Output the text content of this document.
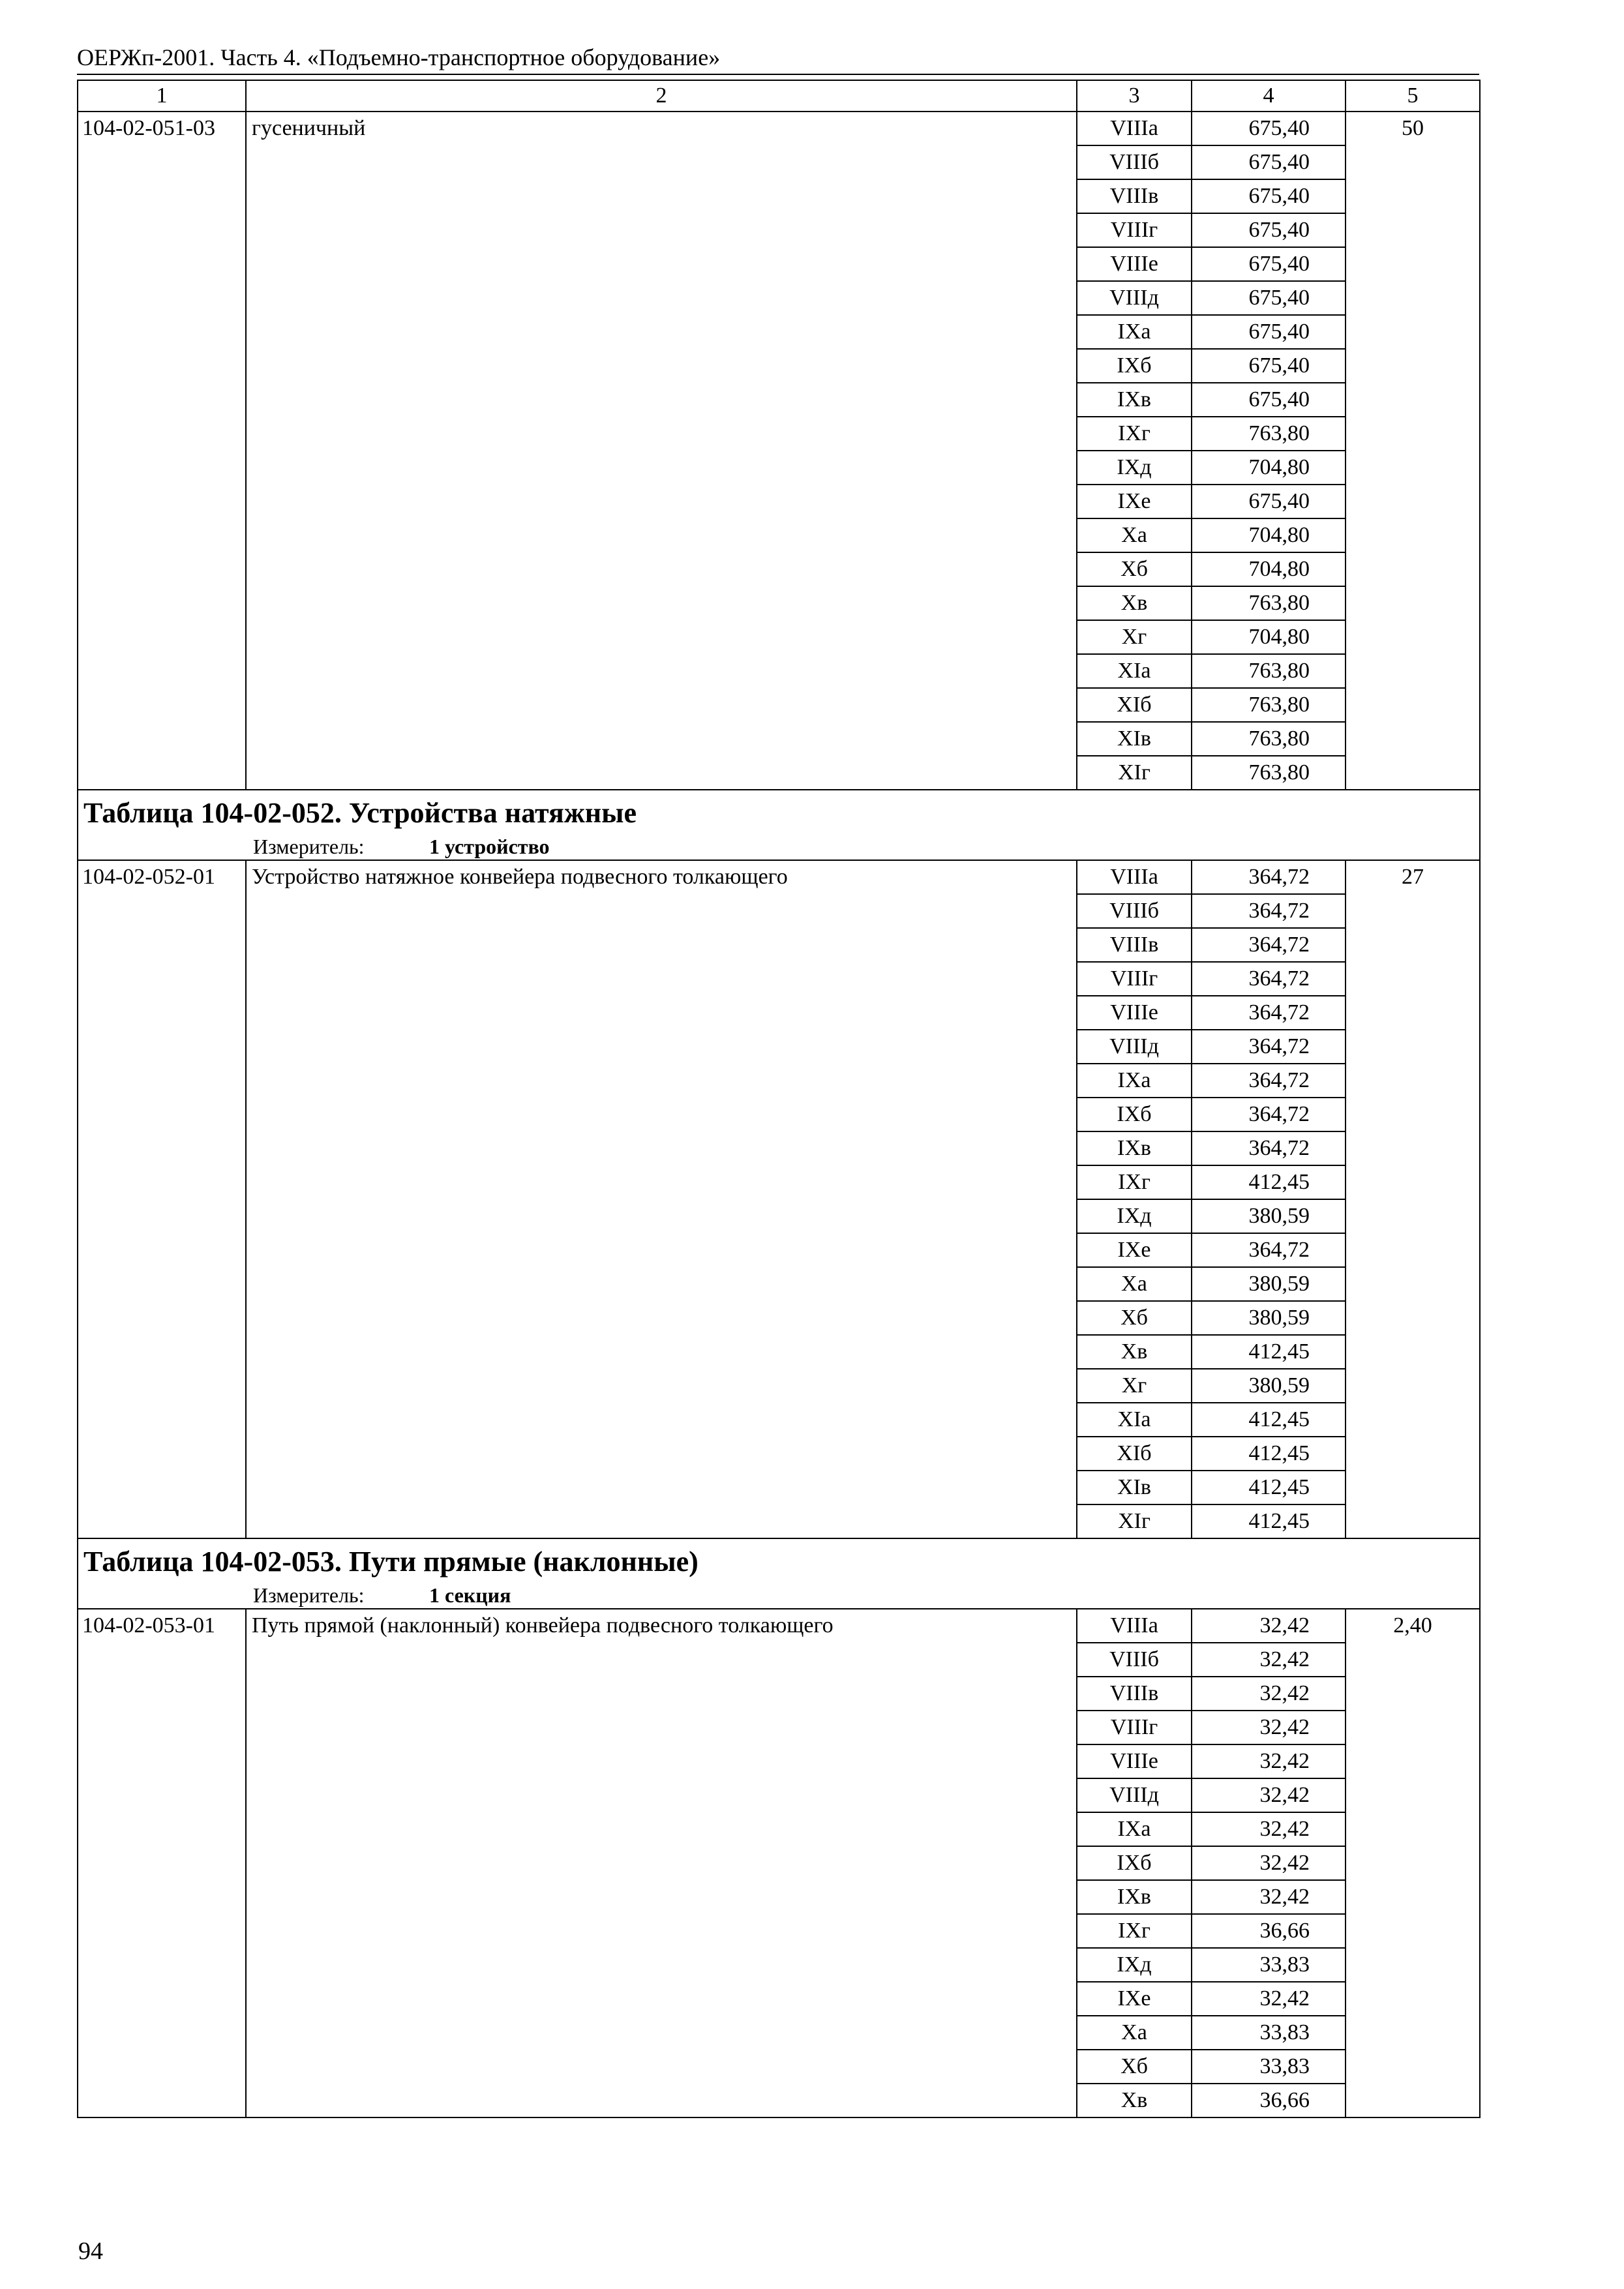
ОЕРЖп-2001. Часть 4. «Подъемно-транспортное оборудование»
1	2	3	4	5
104-02-051-03	гусеничный	VIIIа	675,40	50
		VIIIб	675,40	
		VIIIв	675,40	
		VIIIг	675,40	
		VIIIе	675,40	
		VIIIд	675,40	
		IXа	675,40	
		IXб	675,40	
		IXв	675,40	
		IXг	763,80	
		IXд	704,80	
		IXе	675,40	
		Xа	704,80	
		Xб	704,80	
		Xв	763,80	
		Xг	704,80	
		XIа	763,80	
		XIб	763,80	
		XIв	763,80	
		XIг	763,80	
Таблица 104-02-052. Устройства натяжные				
Измеритель: 1 устройство				
104-02-052-01	Устройство натяжное конвейера подвесного толкающего	VIIIа	364,72	27
		VIIIб	364,72	
		VIIIв	364,72	
		VIIIг	364,72	
		VIIIе	364,72	
		VIIIд	364,72	
		IXа	364,72	
		IXб	364,72	
		IXв	364,72	
		IXг	412,45	
		IXд	380,59	
		IXе	364,72	
		Xа	380,59	
		Xб	380,59	
		Xв	412,45	
		Xг	380,59	
		XIа	412,45	
		XIб	412,45	
		XIв	412,45	
		XIг	412,45	
Таблица 104-02-053. Пути прямые (наклонные)				
Измеритель: 1 секция				
104-02-053-01	Путь прямой (наклонный) конвейера подвесного толкающего	VIIIа	32,42	2,40
		VIIIб	32,42	
		VIIIв	32,42	
		VIIIг	32,42	
		VIIIе	32,42	
		VIIIд	32,42	
		IXа	32,42	
		IXб	32,42	
		IXв	32,42	
		IXг	36,66	
		IXд	33,83	
		IXе	32,42	
		Xа	33,83	
		Xб	33,83	
		Xв	36,66	
94
